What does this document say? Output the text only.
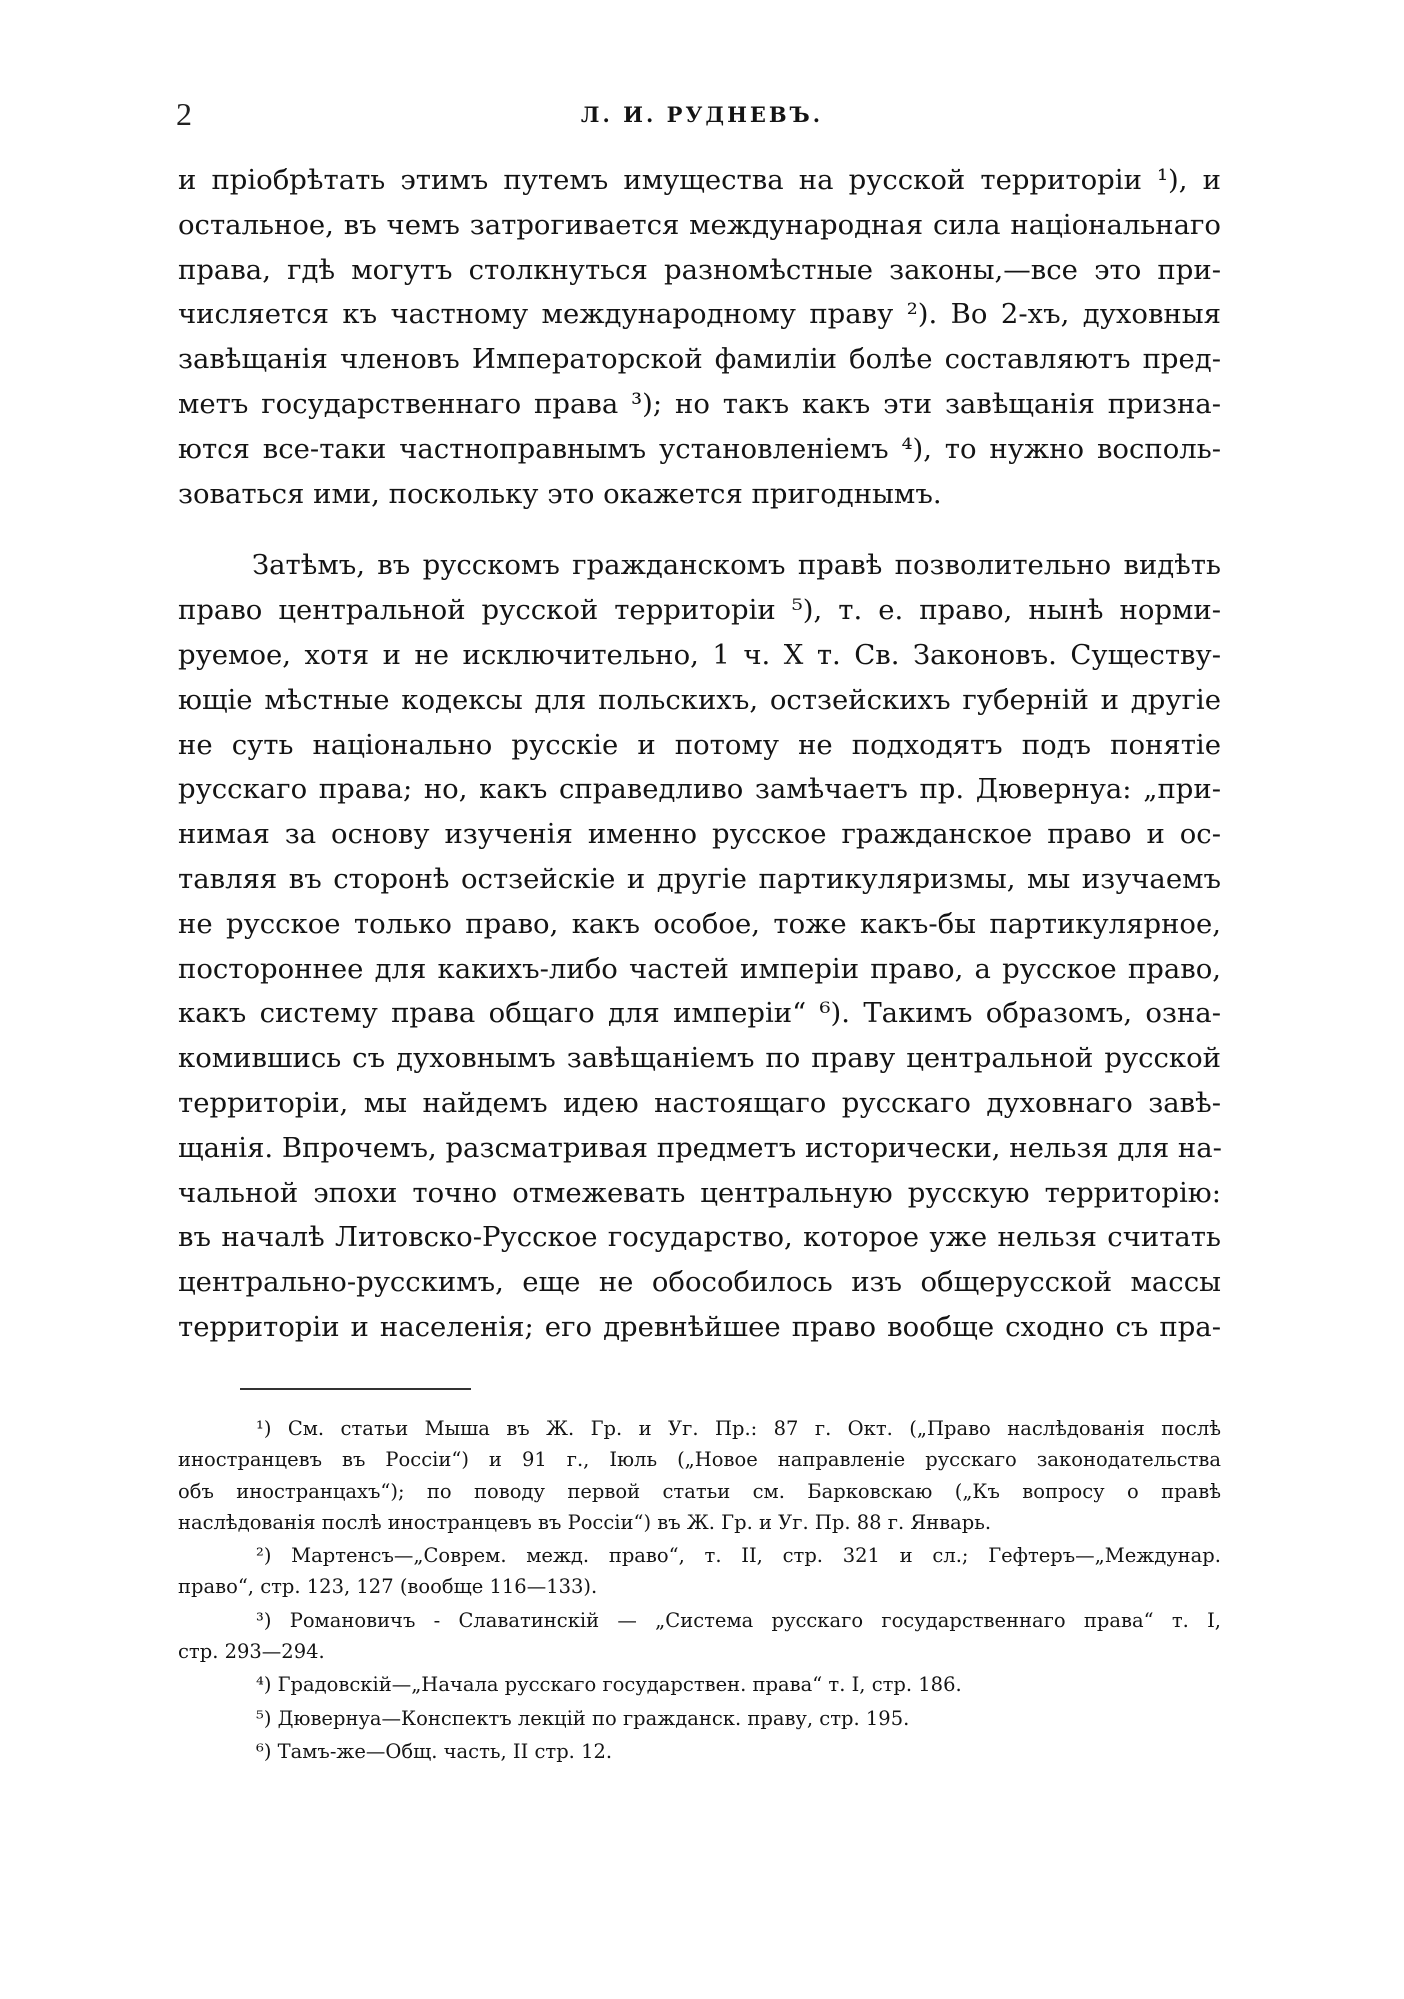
2	Л. И. РУДНЕВЪ.
и пріобрѣтать этимъ путемъ имущества на русской территоріи ¹), и
остальное, въ чемъ затрогивается международная сила національнаго
права, гдѣ могутъ столкнуться разномѣстные законы,—все это при-
числяется къ частному международному праву ²). Во 2-хъ, духовныя
завѣщанія членовъ Императорской фамиліи болѣе составляютъ пред-
метъ государственнаго права ³); но такъ какъ эти завѣщанія призна-
ются все-таки частноправнымъ установленіемъ ⁴), то нужно восполь-
зоваться ими, поскольку это окажется пригоднымъ.
Затѣмъ, въ русскомъ гражданскомъ правѣ позволительно видѣть
право центральной русской территоріи ⁵), т. е. право, нынѣ норми-
руемое, хотя и не исключительно, 1 ч. X т. Св. Законовъ. Существу-
ющіе мѣстные кодексы для польскихъ, остзейскихъ губерній и другіе
не суть національно русскіе и потому не подходятъ подъ понятіе
русскаго права; но, какъ справедливо замѣчаетъ пр. Дювернуа: „при-
нимая за основу изученія именно русское гражданское право и ос-
тавляя въ сторонѣ остзейскіе и другіе партикуляризмы, мы изучаемъ
не русское только право, какъ особое, тоже какъ-бы партикулярное,
постороннее для какихъ-либо частей имперіи право, а русское право,
какъ систему права общаго для имперіи“ ⁶). Такимъ образомъ, озна-
комившись съ духовнымъ завѣщаніемъ по праву центральной русской
территоріи, мы найдемъ идею настоящаго русскаго духовнаго завѣ-
щанія. Впрочемъ, разсматривая предметъ исторически, нельзя для на-
чальной эпохи точно отмежевать центральную русскую территорію:
въ началѣ Литовско-Русское государство, которое уже нельзя считать
центрально-русскимъ, еще не обособилось изъ общерусской массы
территоріи и населенія; его древнѣйшее право вообще сходно съ пра-
¹) См. статьи Мыша въ Ж. Гр. и Уг. Пр.: 87 г. Окт. („Право наслѣдованія послѣ
иностранцевъ въ Россіи“) и 91 г., Іюль („Новое направленіе русскаго законодательства
объ иностранцахъ“); по поводу первой статьи см. Барковскаю („Къ вопросу о правѣ
наслѣдованія послѣ иностранцевъ въ Россіи“) въ Ж. Гр. и Уг. Пр. 88 г. Январь.
²) Мартенсъ—„Соврем. межд. право“, т. II, стр. 321 и сл.; Гефтеръ—„Междунар.
право“, стр. 123, 127 (вообще 116—133).
³) Романовичъ - Славатинскій — „Система русскаго государственнаго права“ т. I,
стр. 293—294.
⁴) Градовскій—„Начала русскаго государствен. права“ т. I, стр. 186.
⁵) Дювернуа—Конспектъ лекцій по гражданск. праву, стр. 195.
⁶) Тамъ-же—Общ. часть, II стр. 12.
